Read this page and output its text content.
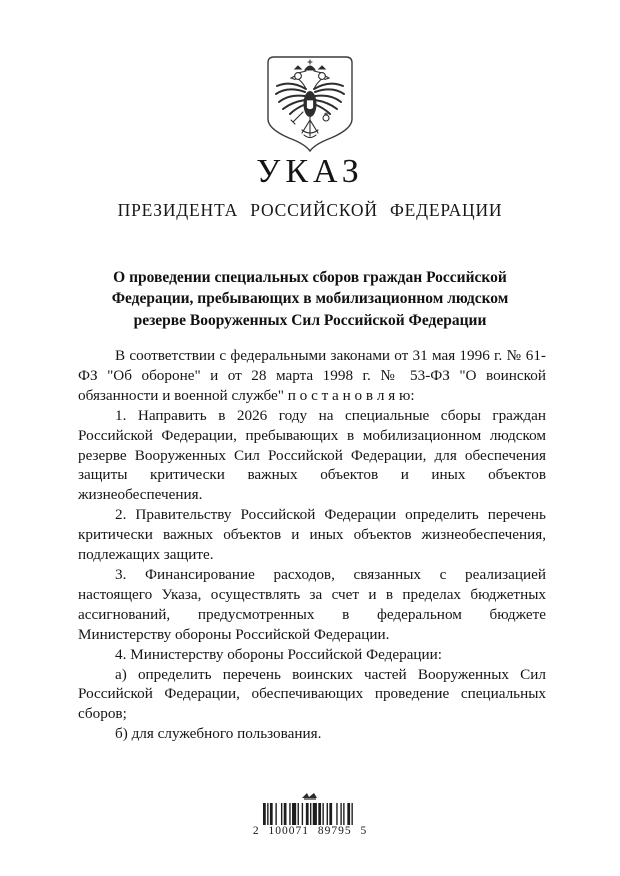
УКАЗ
ПРЕЗИДЕНТА РОССИЙСКОЙ ФЕДЕРАЦИИ
О проведении специальных сборов граждан Российской Федерации, пребывающих в мобилизационном людском резерве Вооруженных Сил Российской Федерации

В соответствии с федеральными законами от 31 мая 1996 г. № 61-ФЗ "Об обороне" и от 28 марта 1998 г. № 53-ФЗ "О воинской обязанности и военной службе" п о с т а н о в л я ю:

1. Направить в 2026 году на специальные сборы граждан Российской Федерации, пребывающих в мобилизационном людском резерве Вооруженных Сил Российской Федерации, для обеспечения защиты критически важных объектов и иных объектов жизнеобеспечения.

2. Правительству Российской Федерации определить перечень критически важных объектов и иных объектов жизнеобеспечения, подлежащих защите.

3. Финансирование расходов, связанных с реализацией настоящего Указа, осуществлять за счет и в пределах бюджетных ассигнований, предусмотренных в федеральном бюджете Министерству обороны Российской Федерации.

4. Министерству обороны Российской Федерации:

а) определить перечень воинских частей Вооруженных Сил Российской Федерации, обеспечивающих проведение специальных сборов;

б) для служебного пользования.

2 100071 89795 5
